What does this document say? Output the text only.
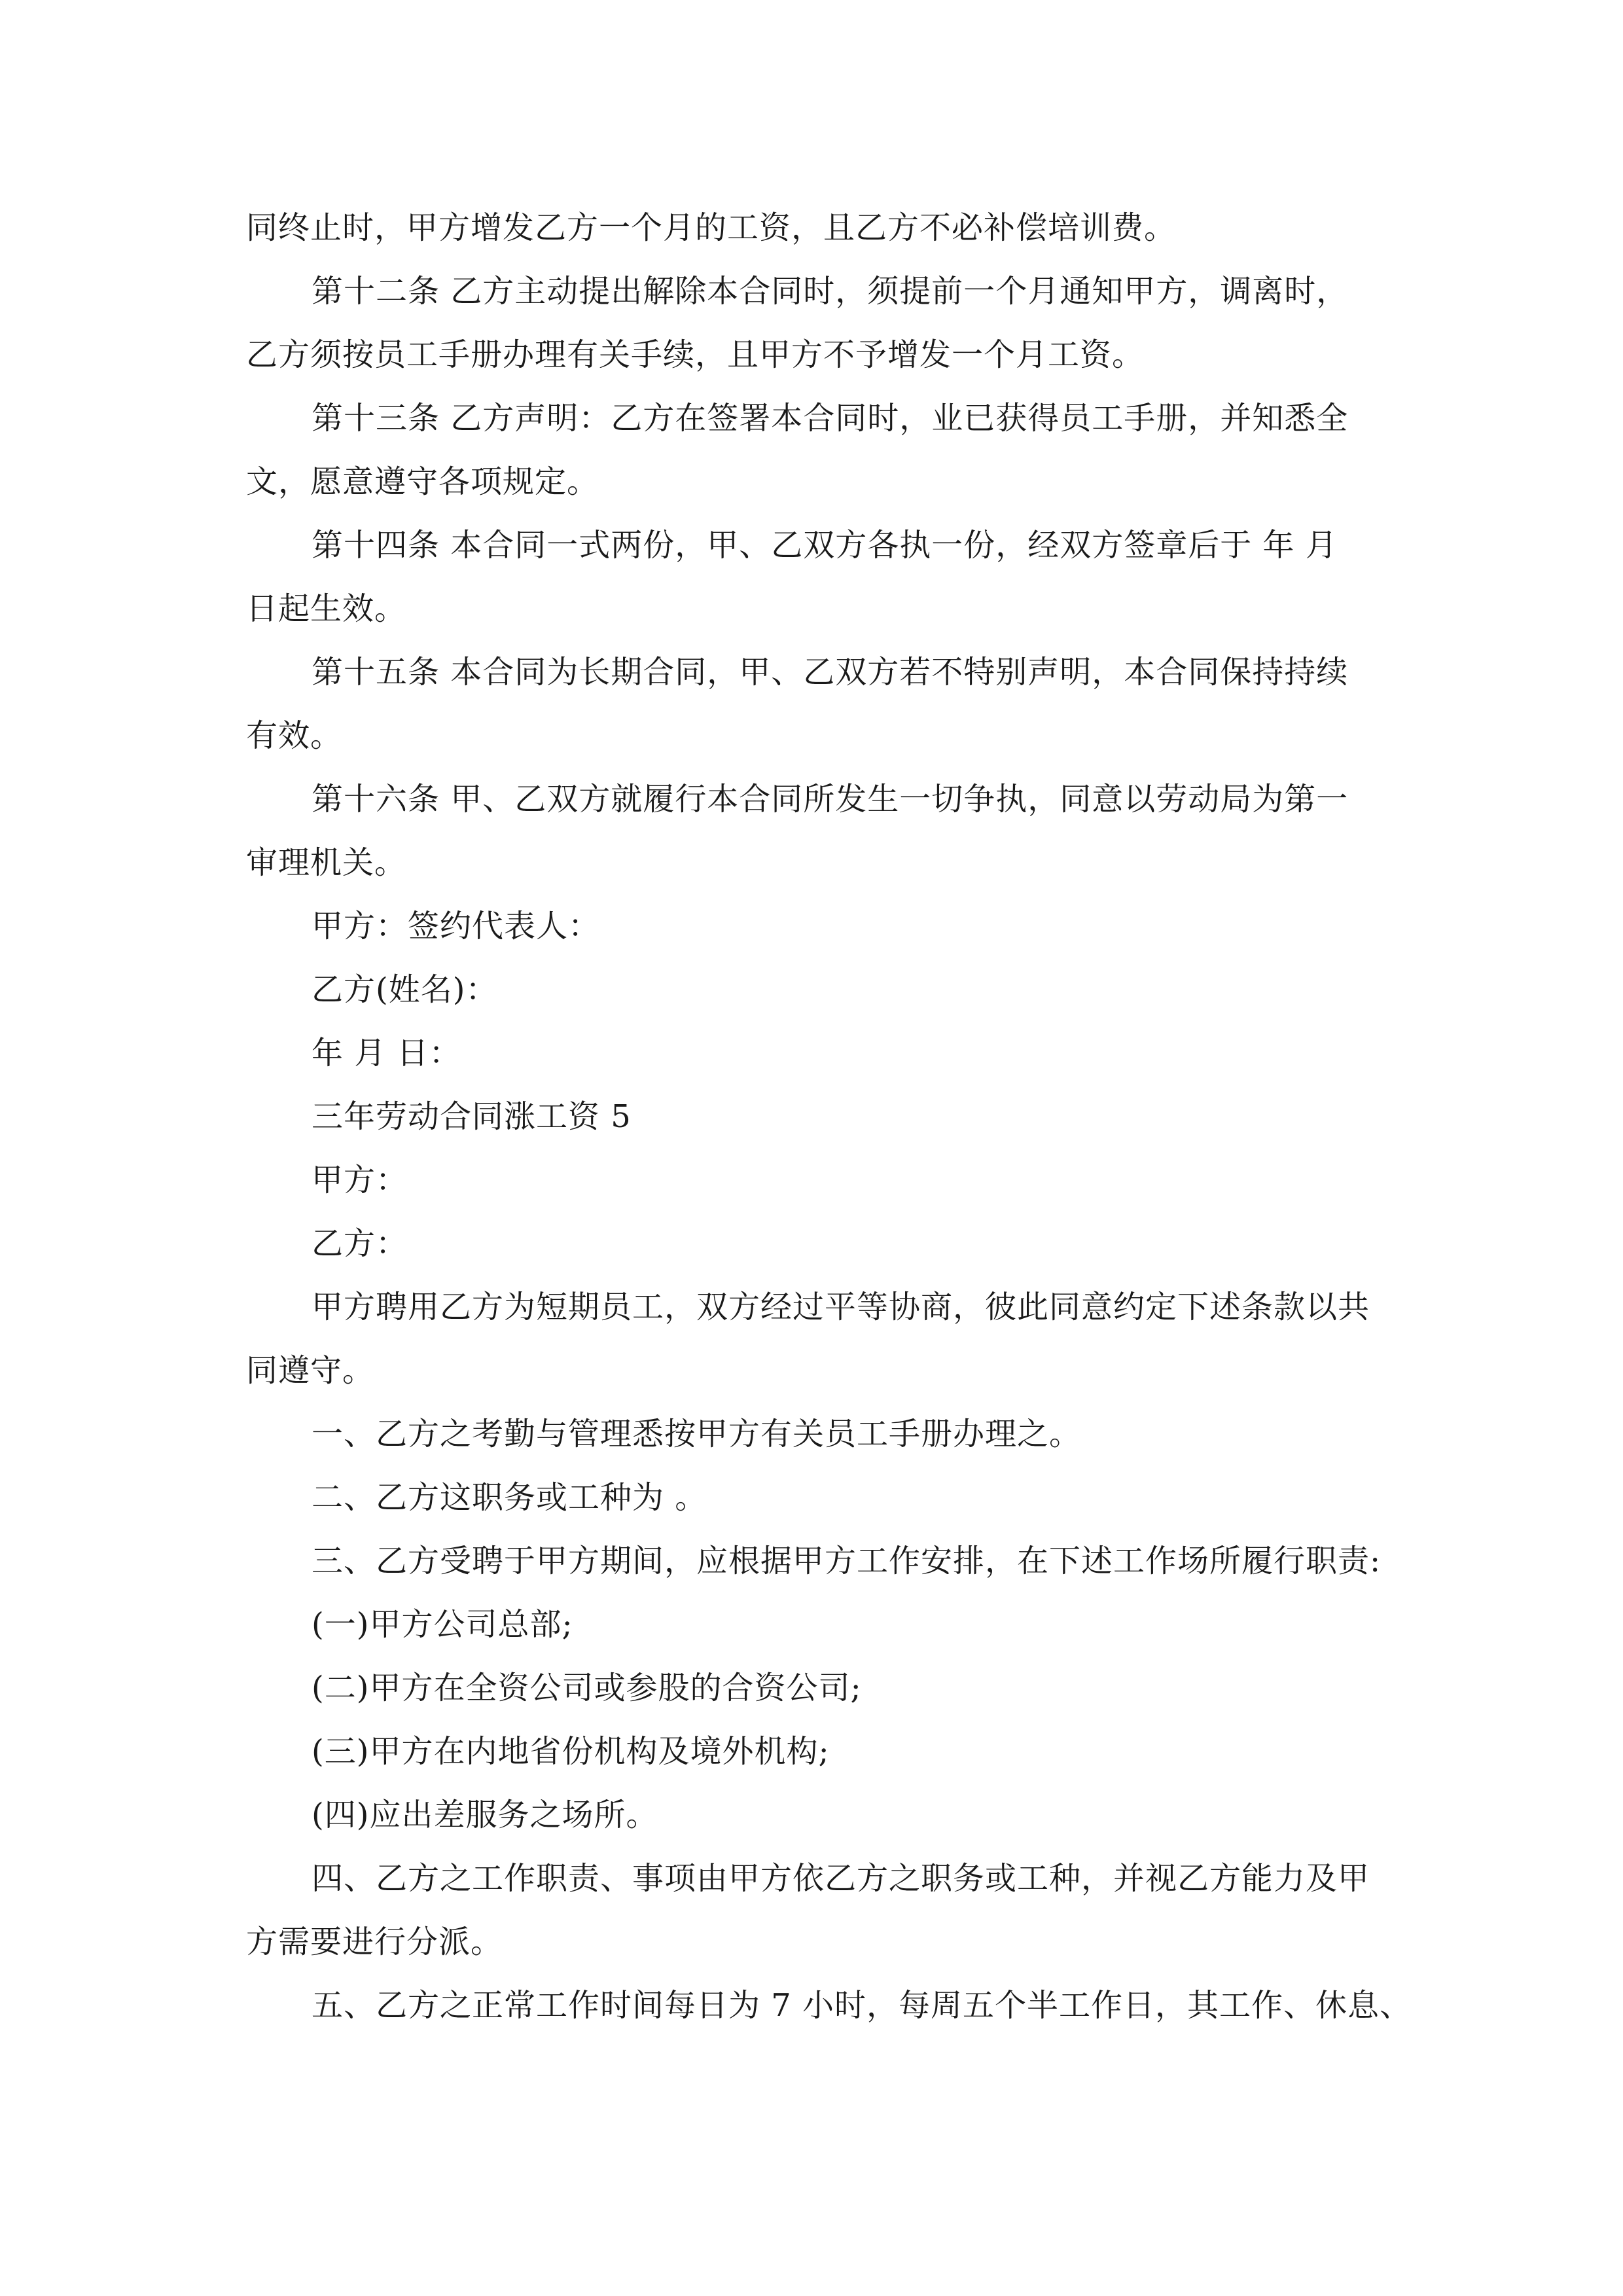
同终止时，甲方增发乙方一个月的工资，且乙方不必补偿培训费。
第十二条 乙方主动提出解除本合同时，须提前一个月通知甲方，调离时，
乙方须按员工手册办理有关手续，且甲方不予增发一个月工资。
第十三条 乙方声明：乙方在签署本合同时，业已获得员工手册，并知悉全
文，愿意遵守各项规定。
第十四条 本合同一式两份，甲、乙双方各执一份，经双方签章后于 年 月
日起生效。
第十五条 本合同为长期合同，甲、乙双方若不特别声明，本合同保持持续
有效。
第十六条 甲、乙双方就履行本合同所发生一切争执，同意以劳动局为第一
审理机关。
甲方：签约代表人：
乙方(姓名)：
年 月 日：
三年劳动合同涨工资 5
甲方：
乙方：
甲方聘用乙方为短期员工，双方经过平等协商，彼此同意约定下述条款以共
同遵守。
一、乙方之考勤与管理悉按甲方有关员工手册办理之。
二、乙方这职务或工种为 。
三、乙方受聘于甲方期间，应根据甲方工作安排，在下述工作场所履行职责:
(一)甲方公司总部;
(二)甲方在全资公司或参股的合资公司;
(三)甲方在内地省份机构及境外机构;
(四)应出差服务之场所。
四、乙方之工作职责、事项由甲方依乙方之职务或工种，并视乙方能力及甲
方需要进行分派。
五、乙方之正常工作时间每日为 7 小时，每周五个半工作日，其工作、休息、
